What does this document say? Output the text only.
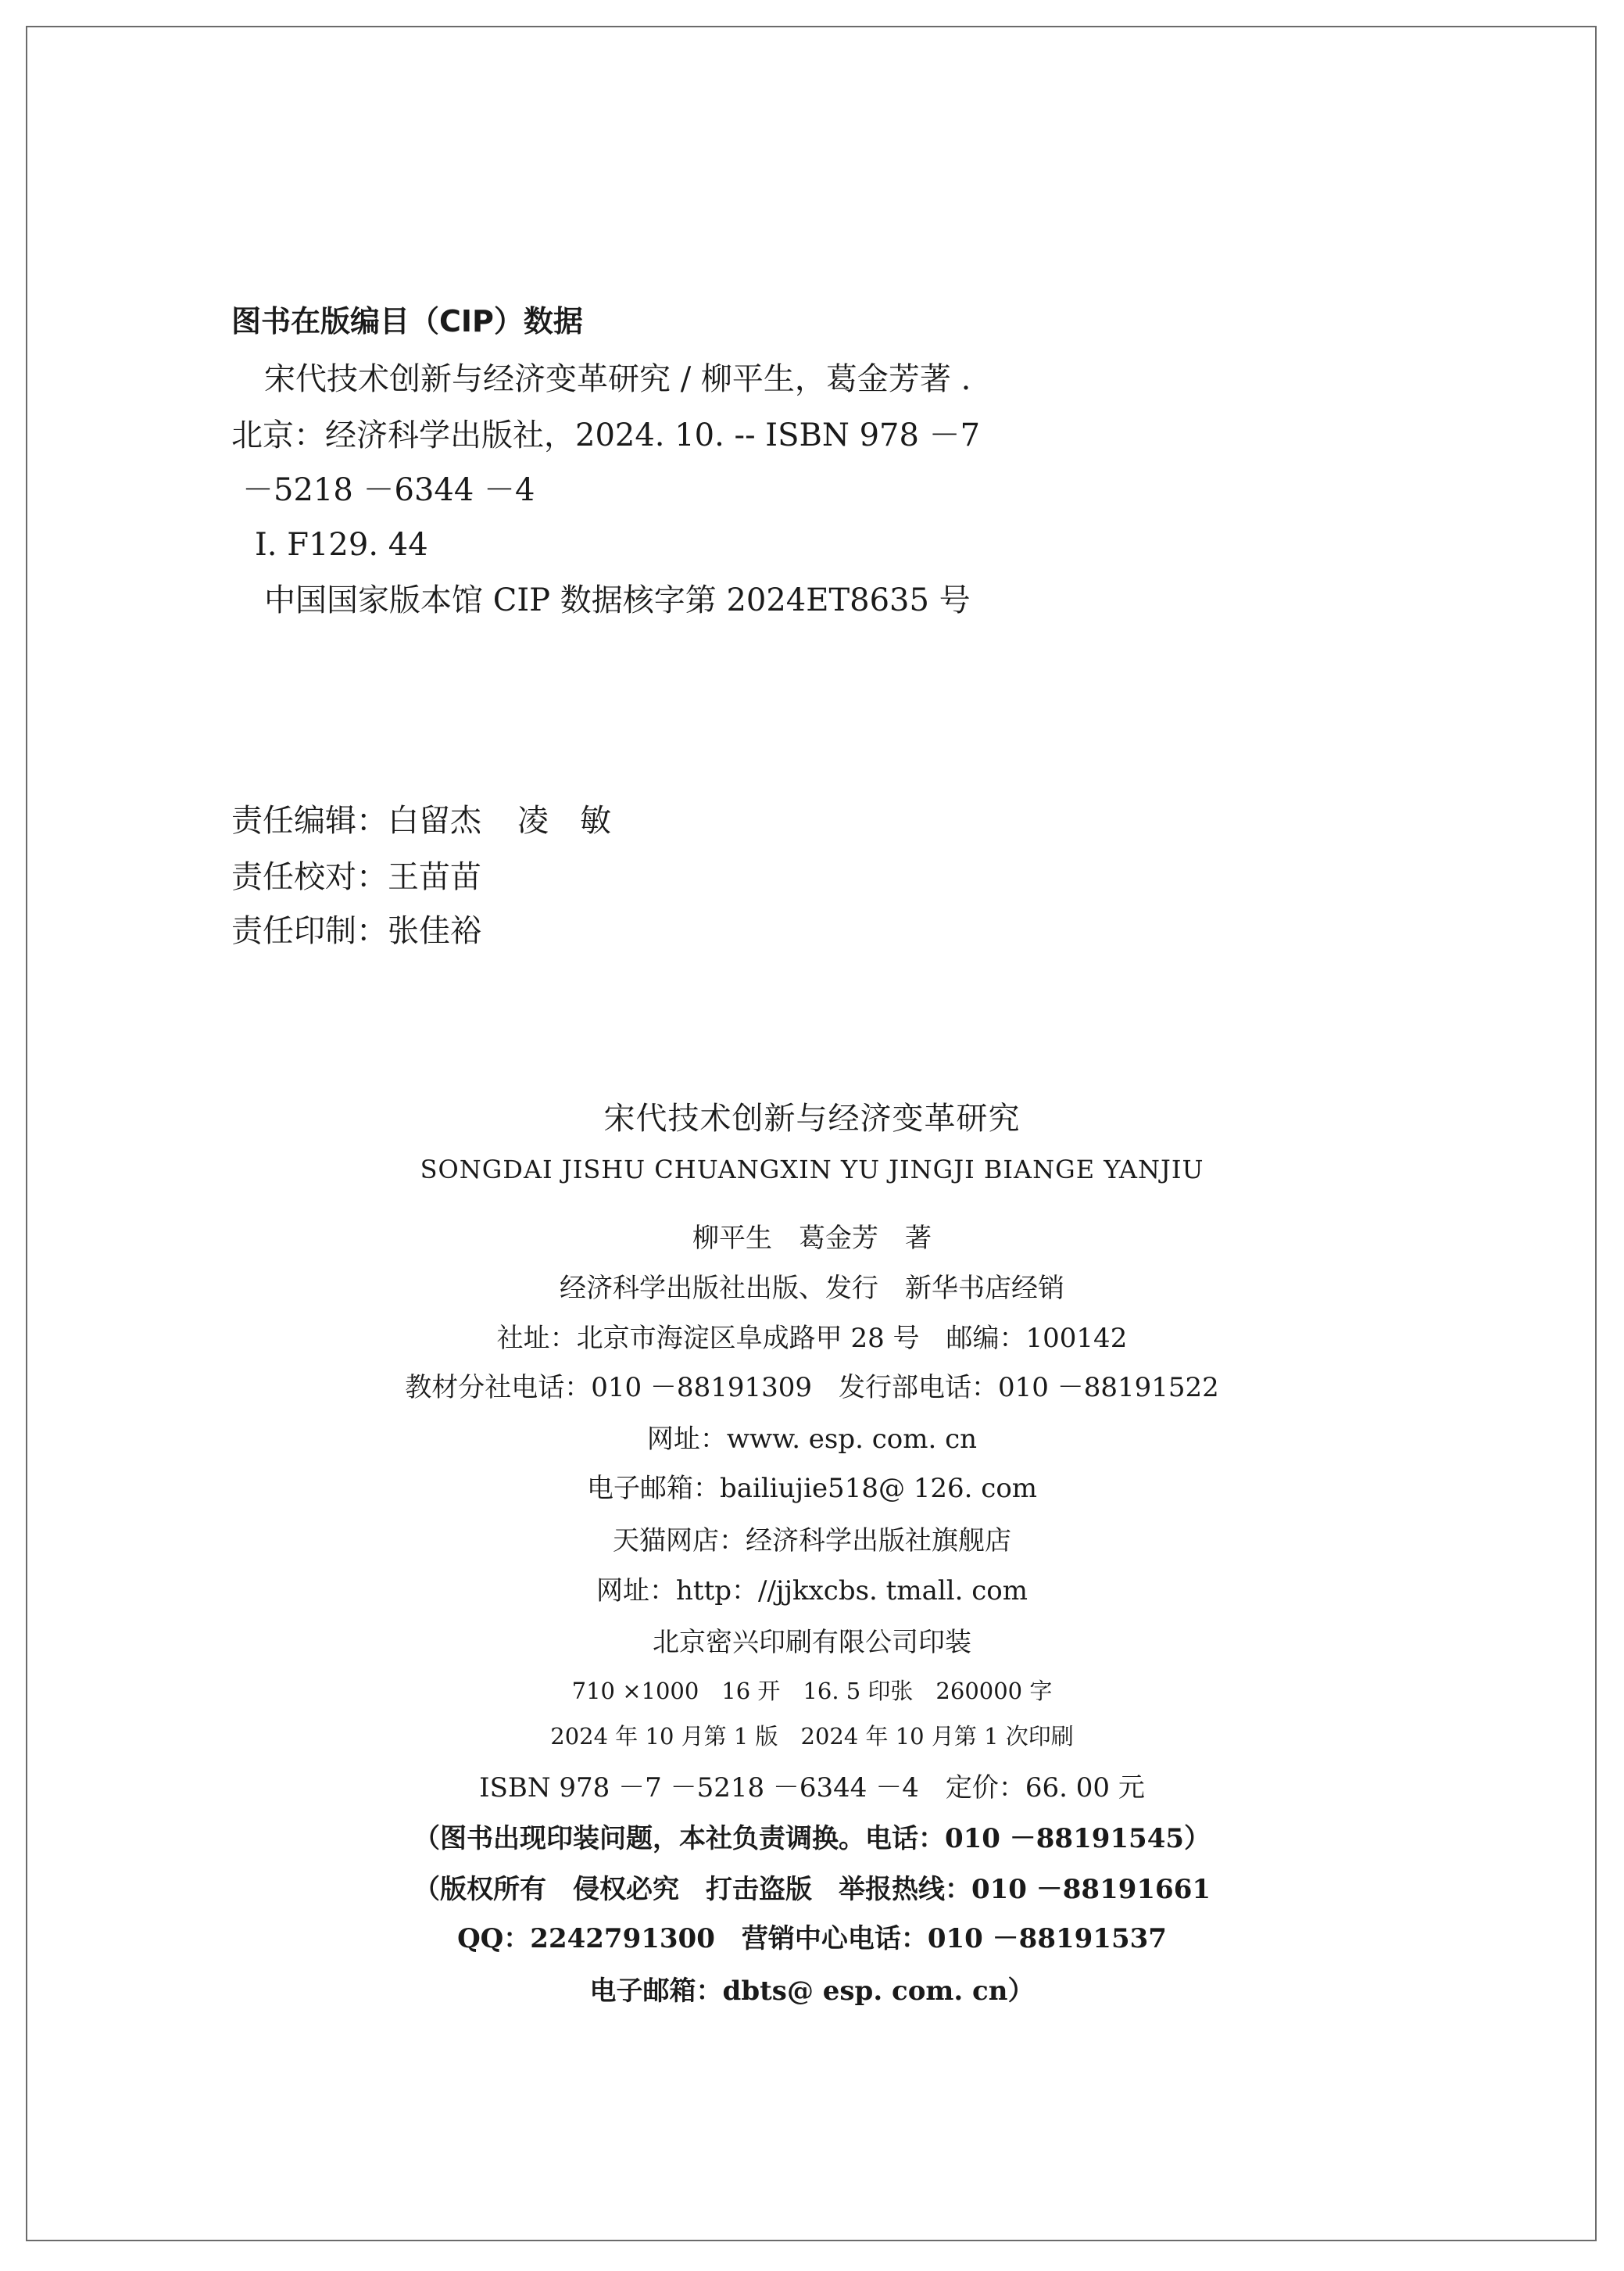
图书在版编目（CIP）数据
宋代技术创新与经济变革研究 / 柳平生，葛金芳著 .
北京：经济科学出版社，2024. 10. -- ISBN 978 －7
－5218 －6344 －4
Ⅰ. F129. 44
中国国家版本馆 CIP 数据核字第 2024ET8635 号
责任编辑：白留杰 凌　敏
责任校对：王苗苗
责任印制：张佳裕
宋代技术创新与经济变革研究
SONGDAI JISHU CHUANGXIN YU JINGJI BIANGE YANJIU
柳平生　葛金芳　著
经济科学出版社出版、发行　新华书店经销
社址：北京市海淀区阜成路甲 28 号　邮编：100142
教材分社电话：010 －88191309　发行部电话：010 －88191522
网址：www. esp. com. cn
电子邮箱：bailiujie518@ 126. com
天猫网店：经济科学出版社旗舰店
网址：http：//jjkxcbs. tmall. com
北京密兴印刷有限公司印装
710 ×1000　16 开　16. 5 印张　260000 字
2024 年 10 月第 1 版　2024 年 10 月第 1 次印刷
ISBN 978 －7 －5218 －6344 －4　定价：66. 00 元
（图书出现印装问题，本社负责调换。电话：010 －88191545）
（版权所有　侵权必究　打击盗版　举报热线：010 －88191661
QQ：2242791300　营销中心电话：010 －88191537
电子邮箱：dbts@ esp. com. cn）
